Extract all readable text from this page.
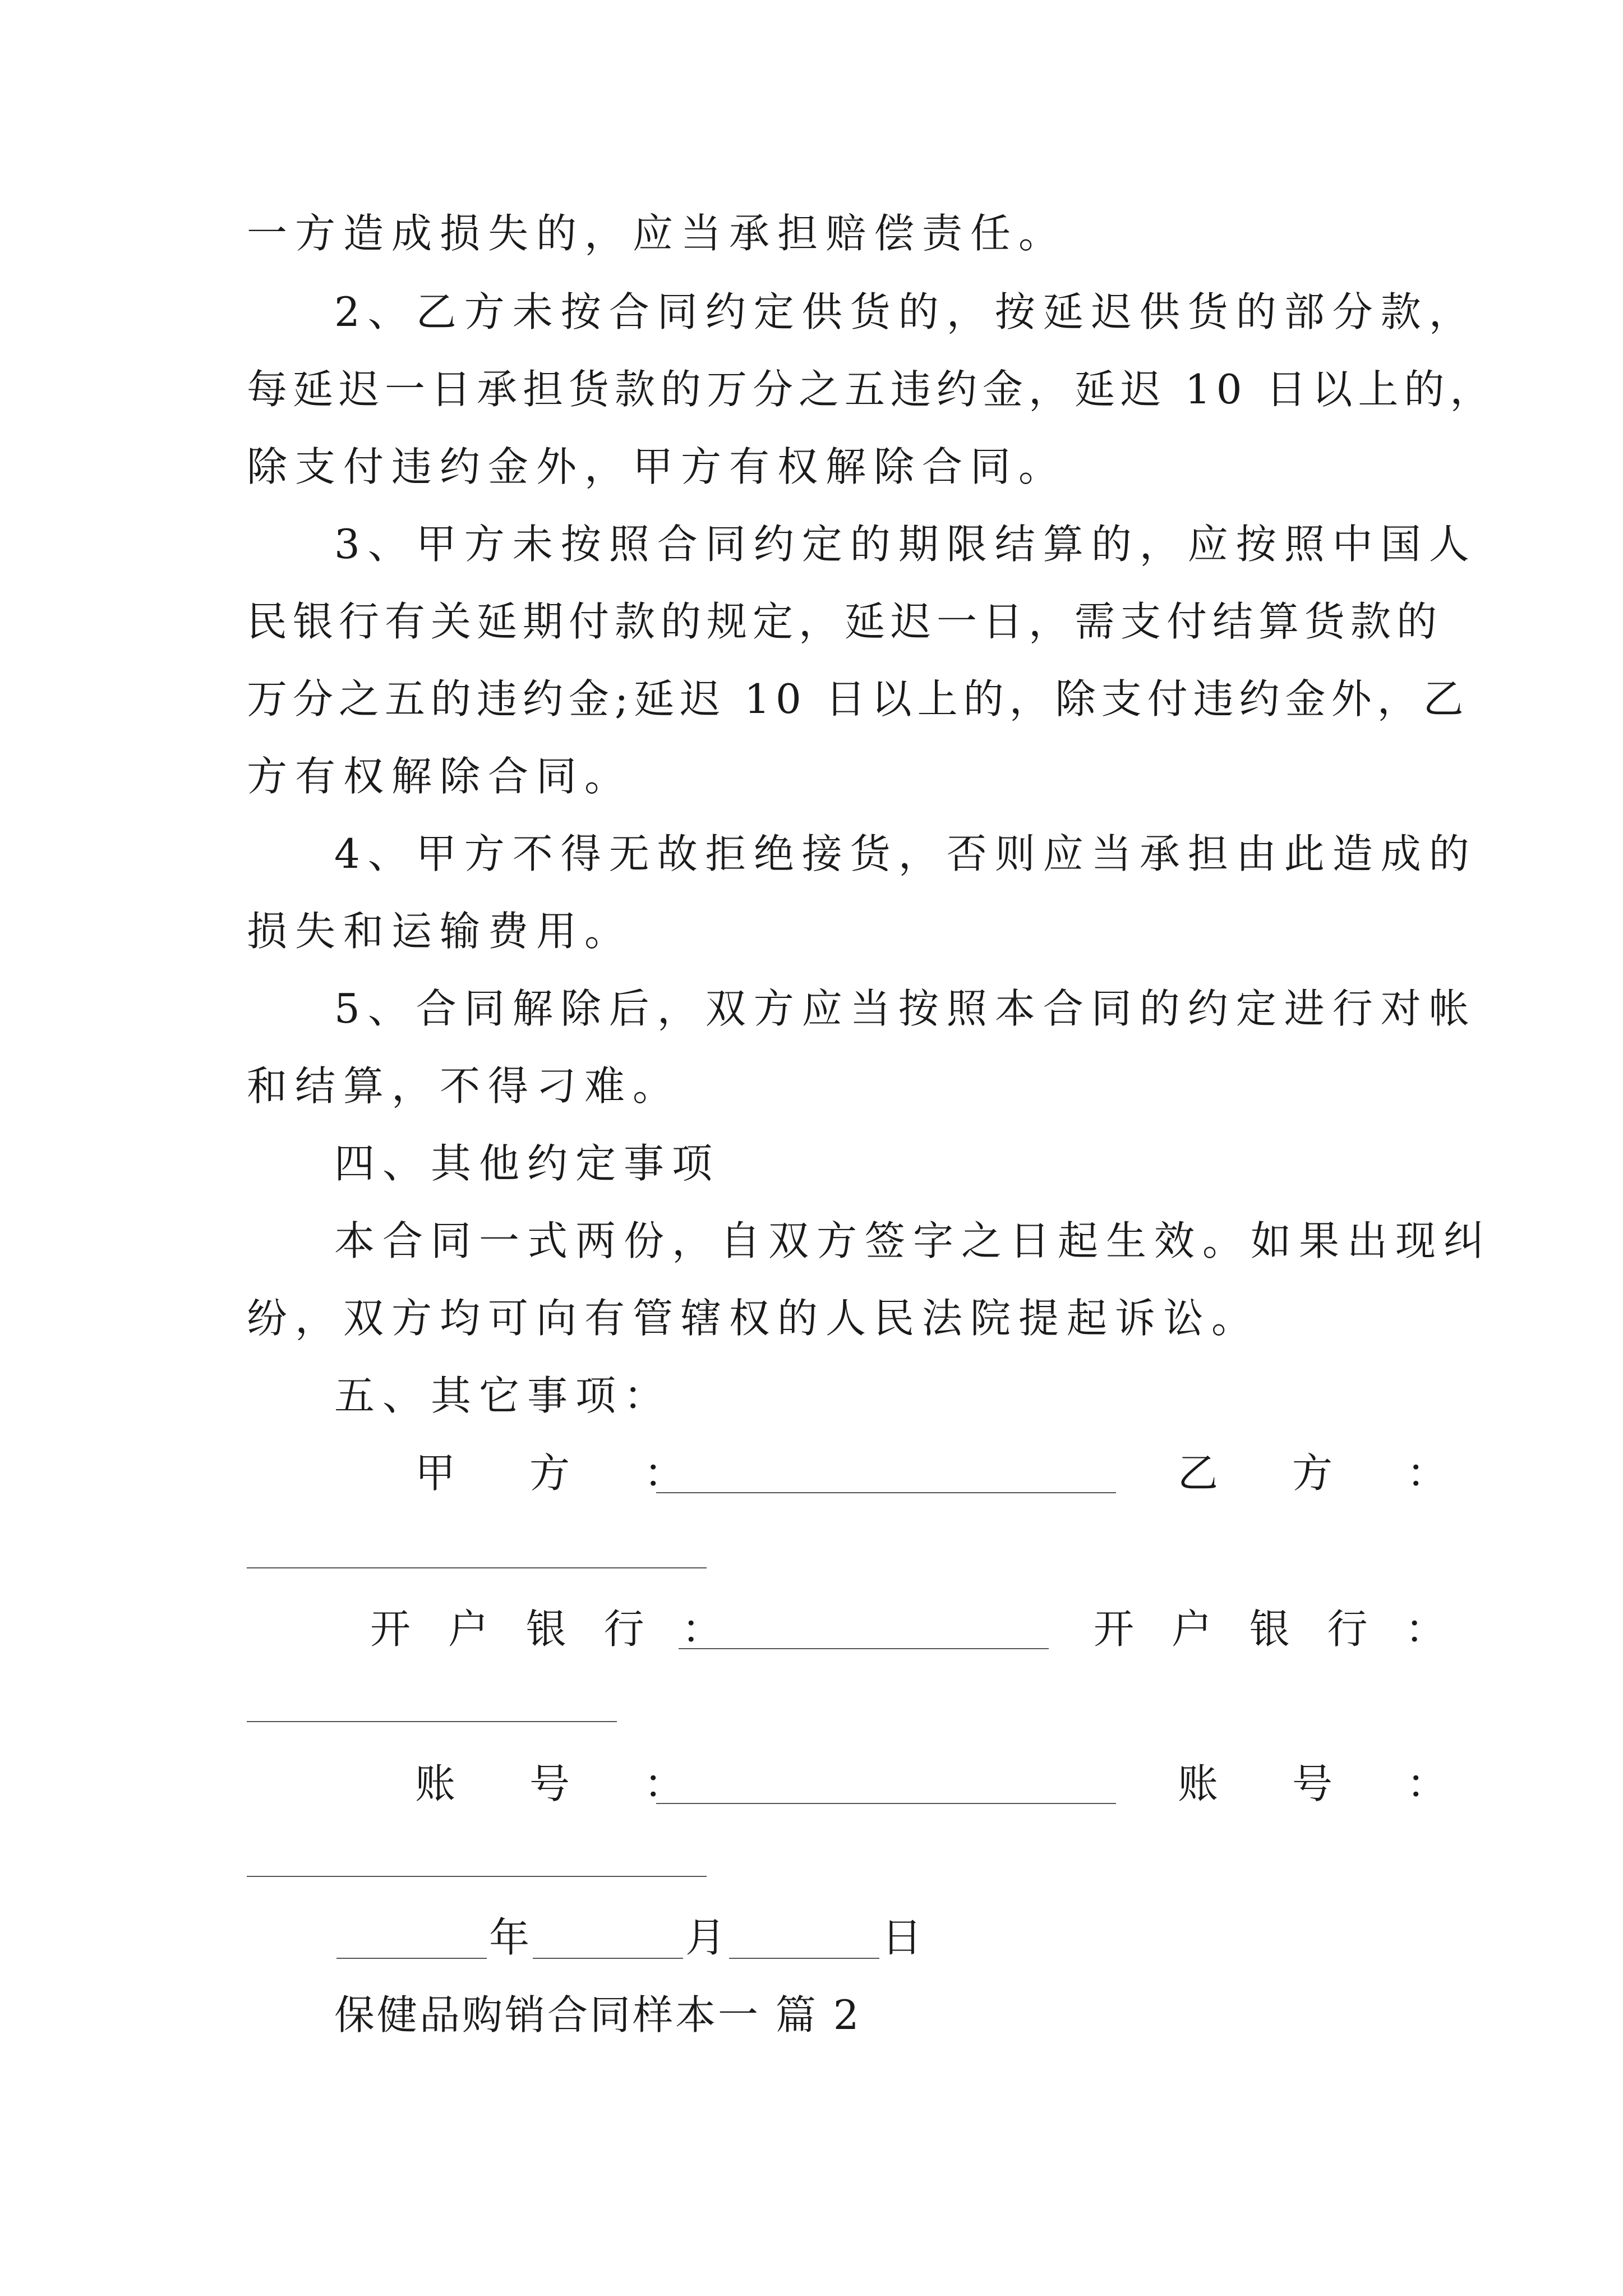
一方造成损失的，应当承担赔偿责任。
2、乙方未按合同约定供货的，按延迟供货的部分款，
每延迟一日承担货款的万分之五违约金，延迟 10 日以上的，
除支付违约金外，甲方有权解除合同。
3、甲方未按照合同约定的期限结算的，应按照中国人
民银行有关延期付款的规定，延迟一日，需支付结算货款的
万分之五的违约金;延迟 10 日以上的，除支付违约金外，乙
方有权解除合同。
4、甲方不得无故拒绝接货，否则应当承担由此造成的
损失和运输费用。
5、合同解除后，双方应当按照本合同的约定进行对帐
和结算，不得刁难。
四、其他约定事项
本合同一式两份，自双方签字之日起生效。如果出现纠
纷，双方均可向有管辖权的人民法院提起诉讼。
五、其它事项：
甲　方　：	乙　方　：
开 户 银 行 ：	开 户 银 行 ：
账　号　：	账　号　：
年	月	日
保健品购销合同样本一 篇 2
